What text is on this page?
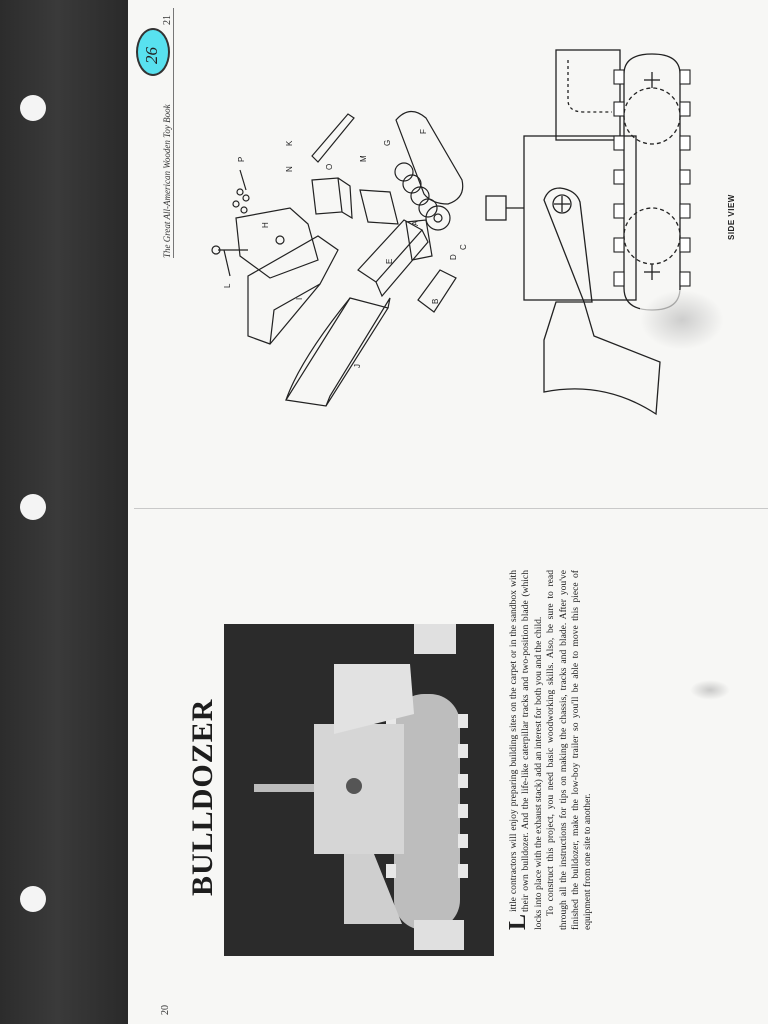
26
21
The Great All-American Wooden Toy Book
20
J
I
H
E
B
F
G
A
C
D
M
N	O
K
P
L
SIDE VIEW
BULLDOZER

L
ittle contractors will enjoy preparing building sites on the carpet or in the sandbox with their own bulldozer. And the life-like caterpillar tracks and two-position blade (which locks into place with the exhaust stack) add an interest for both you and the child. To construct this project, you need basic woodworking skills. Also, be sure to read through all the instructions for tips on making the chassis, tracks and blade. After you've finished the bulldozer, make the low-boy trailer so you'll be able to move this piece of equipment from one site to another.
